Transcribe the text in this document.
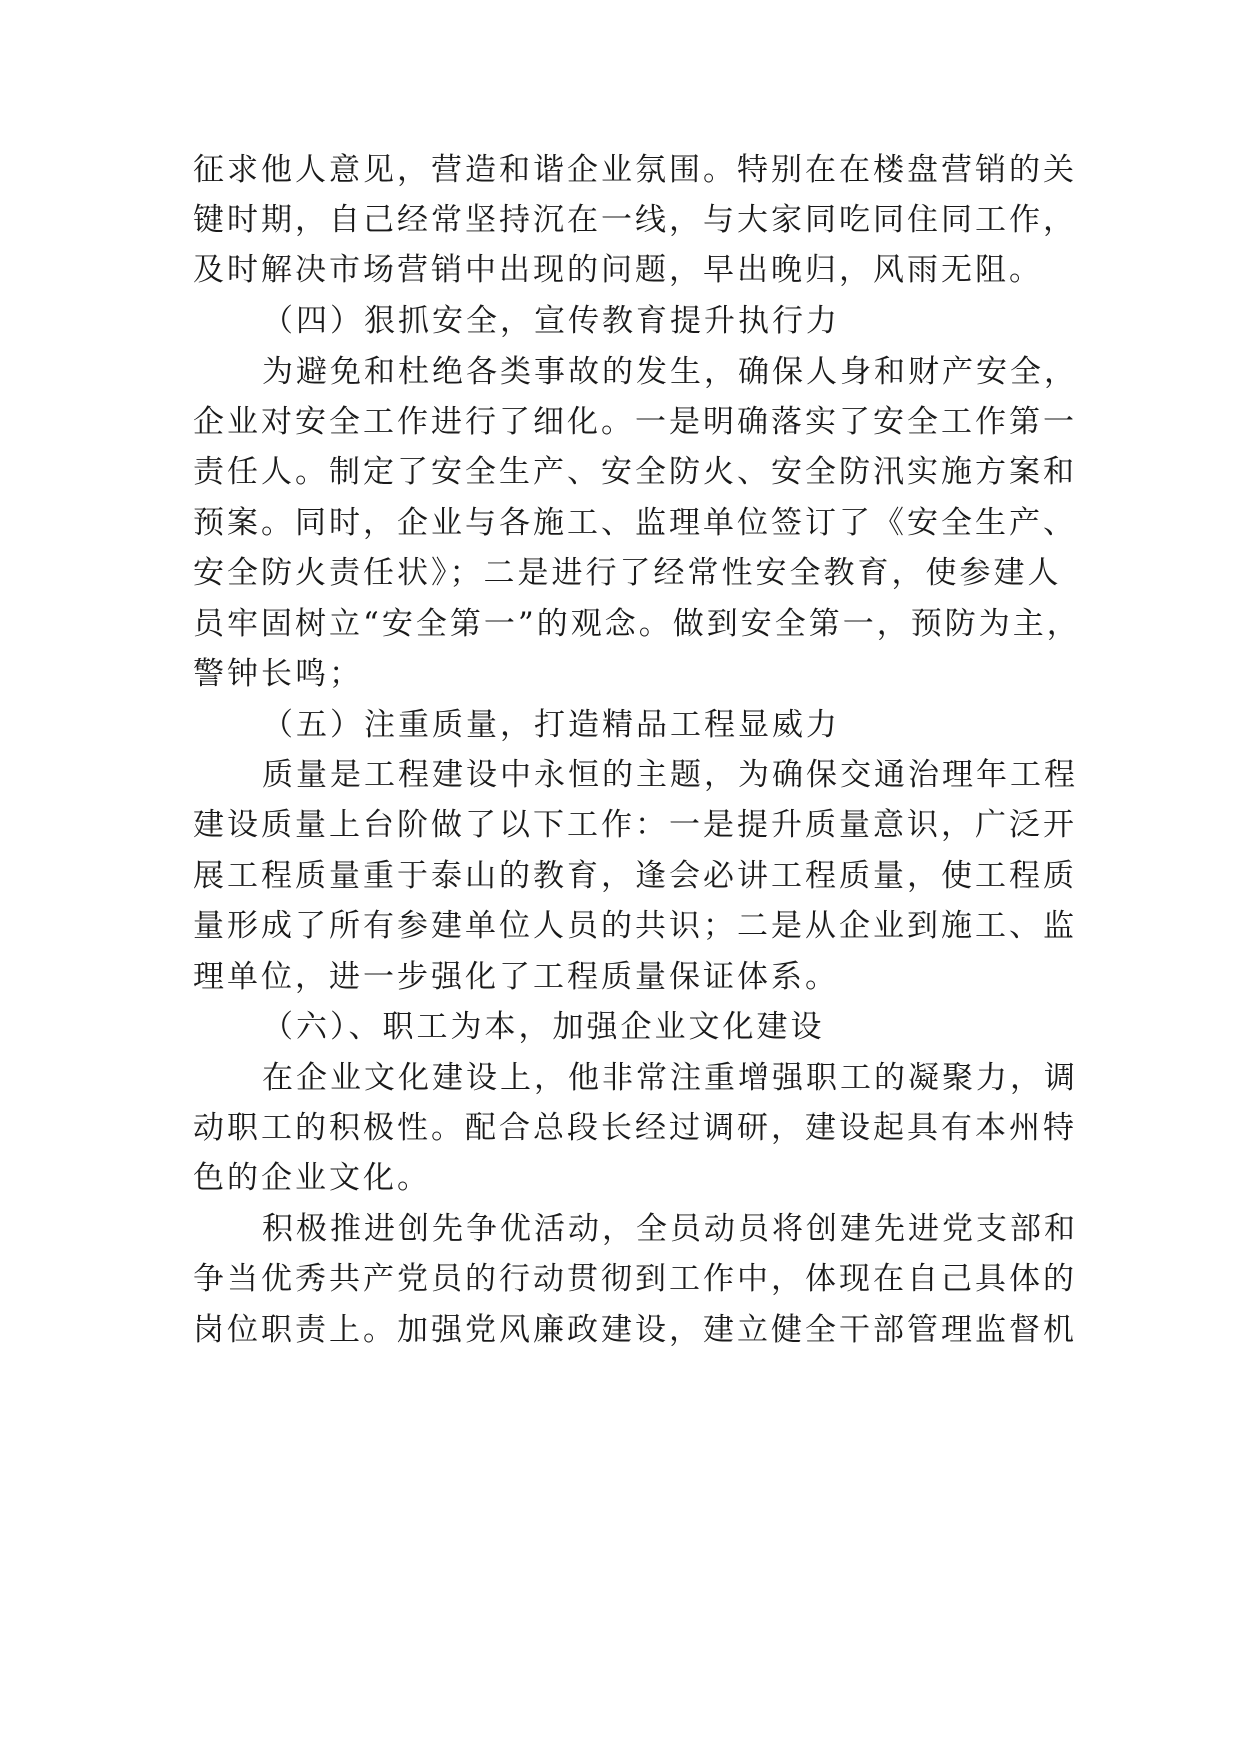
征求他人意见，营造和谐企业氛围。特别在在楼盘营销的关
键时期，自己经常坚持沉在一线，与大家同吃同住同工作，
及时解决市场营销中出现的问题，早出晚归，风雨无阻。
（四）狠抓安全，宣传教育提升执行力
为避免和杜绝各类事故的发生，确保人身和财产安全，
企业对安全工作进行了细化。一是明确落实了安全工作第一
责任人。制定了安全生产、安全防火、安全防汛实施方案和
预案。同时，企业与各施工、监理单位签订了《安全生产、
安全防火责任状》；二是进行了经常性安全教育，使参建人
员牢固树立“安全第一”的观念。做到安全第一，预防为主，
警钟长鸣；
（五）注重质量，打造精品工程显威力
质量是工程建设中永恒的主题，为确保交通治理年工程
建设质量上台阶做了以下工作：一是提升质量意识，广泛开
展工程质量重于泰山的教育，逢会必讲工程质量，使工程质
量形成了所有参建单位人员的共识；二是从企业到施工、监
理单位，进一步强化了工程质量保证体系。
（六）、职工为本，加强企业文化建设
在企业文化建设上，他非常注重增强职工的凝聚力，调
动职工的积极性。配合总段长经过调研，建设起具有本州特
色的企业文化。
积极推进创先争优活动，全员动员将创建先进党支部和
争当优秀共产党员的行动贯彻到工作中，体现在自己具体的
岗位职责上。加强党风廉政建设，建立健全干部管理监督机
